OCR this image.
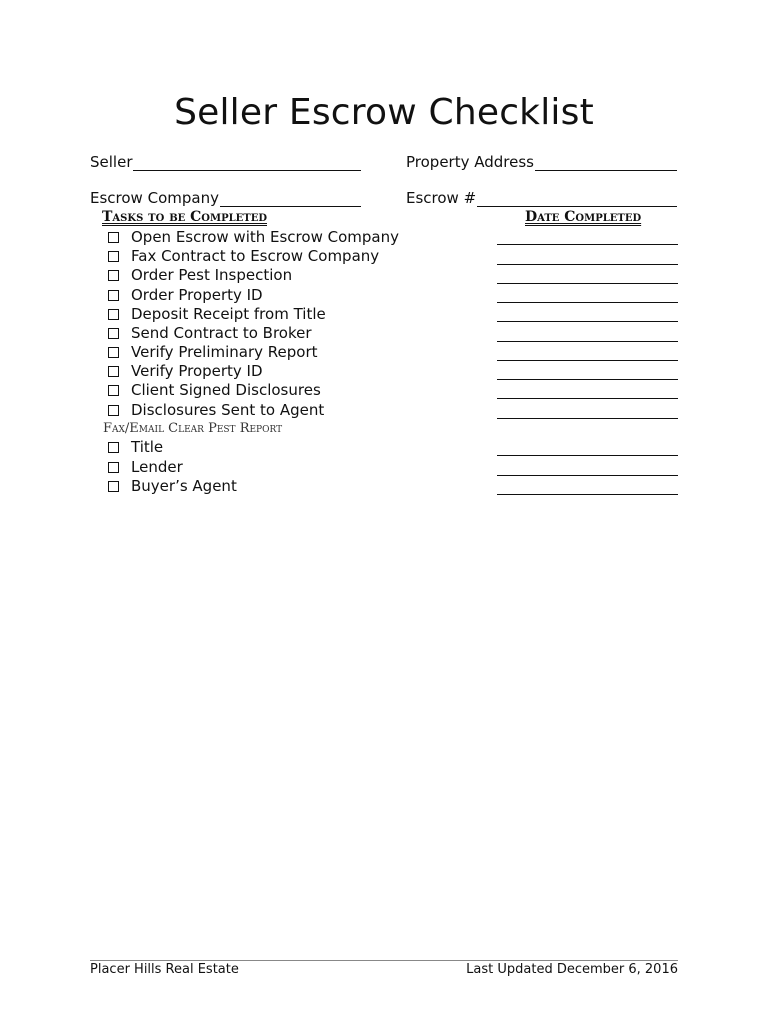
Seller Escrow Checklist
Seller	Property Address
Escrow Company	Escrow #
Tasks to be Completed	Date Completed
Open Escrow with Escrow Company
Fax Contract to Escrow Company
Order Pest Inspection
Order Property ID
Deposit Receipt from Title
Send Contract to Broker
Verify Preliminary Report
Verify Property ID
Client Signed Disclosures
Disclosures Sent to Agent
Fax/Email Clear Pest Report
Title
Lender
Buyer’s Agent
Placer Hills Real Estate	Last Updated December 6, 2016
